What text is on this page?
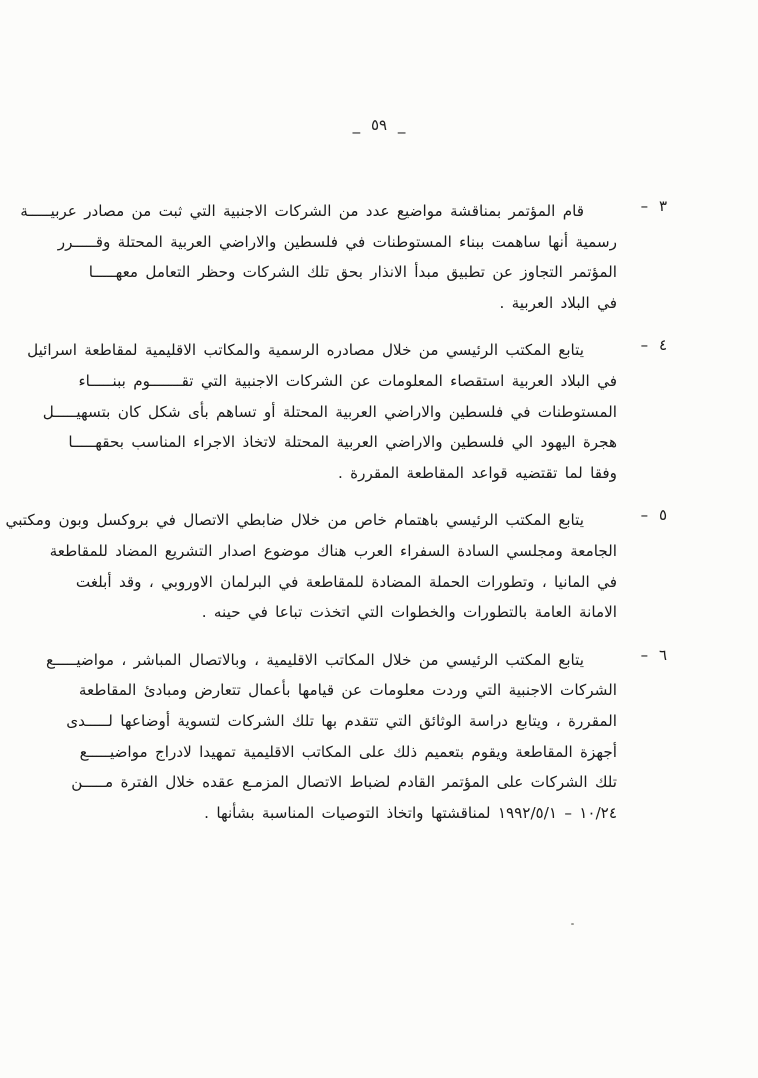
_ ٥٩ _
٣ –
قام المؤتمر بمناقشة مواضيع عدد من الشركات الاجنبية التي ثبت من مصادر عربيـــــة
رسمية أنها ساهمت ببناء المستوطنات في فلسطين والاراضي العربية المحتلة وقـــــرر
المؤتمر التجاوز عن تطبيق مبدأ الانذار بحق تلك الشركات وحظر التعامل معهـــــا
في البلاد العربية .
٤ –
يتابع المكتب الرئيسي من خلال مصادره الرسمية والمكاتب الاقليمية لمقاطعة اسرائيل
في البلاد العربية استقصاء المعلومات عن الشركات الاجنبية التي تقـــــــوم ببنـــــاء
المستوطنات في فلسطين والاراضي العربية المحتلة أو تساهم بأى شكل كان بتسهيـــــل
هجرة اليهود الي فلسطين والاراضي العربية المحتلة لاتخاذ الاجراء المناسب بحقهـــــا
وفقا لما تقتضيه قواعد المقاطعة المقررة .
٥ –
يتابع المكتب الرئيسي باهتمام خاص من خلال ضابطي الاتصال في بروكسل وبون ومكتبي
الجامعة ومجلسي السادة السفراء العرب هناك موضوع اصدار التشريع المضاد للمقاطعة
في المانيا ، وتطورات الحملة المضادة للمقاطعة في البرلمان الاوروبي ، وقد أبلغت
الامانة العامة بالتطورات والخطوات التي اتخذت تباعا في حينه .
٦ –
يتابع المكتب الرئيسي من خلال المكاتب الاقليمية ، وبالاتصال المباشر ، مواضيـــــع
الشركات الاجنبية التي وردت معلومات عن قيامها بأعمال تتعارض ومبادئ المقاطعة
المقررة ، ويتابع دراسة الوثائق التي تتقدم بها تلك الشركات لتسوية أوضاعها لـــــدى
أجهزة المقاطعة ويقوم بتعميم ذلك على المكاتب الاقليمية تمهيدا لادراج مواضيـــــع
تلك الشركات على المؤتمر القادم لضباط الاتصال المزمـع عقده خلال الفترة مـــــن
١٠/٢٤ – ١٩٩٢/٥/١ لمناقشتها واتخاذ التوصيات المناسبة بشأنها .
